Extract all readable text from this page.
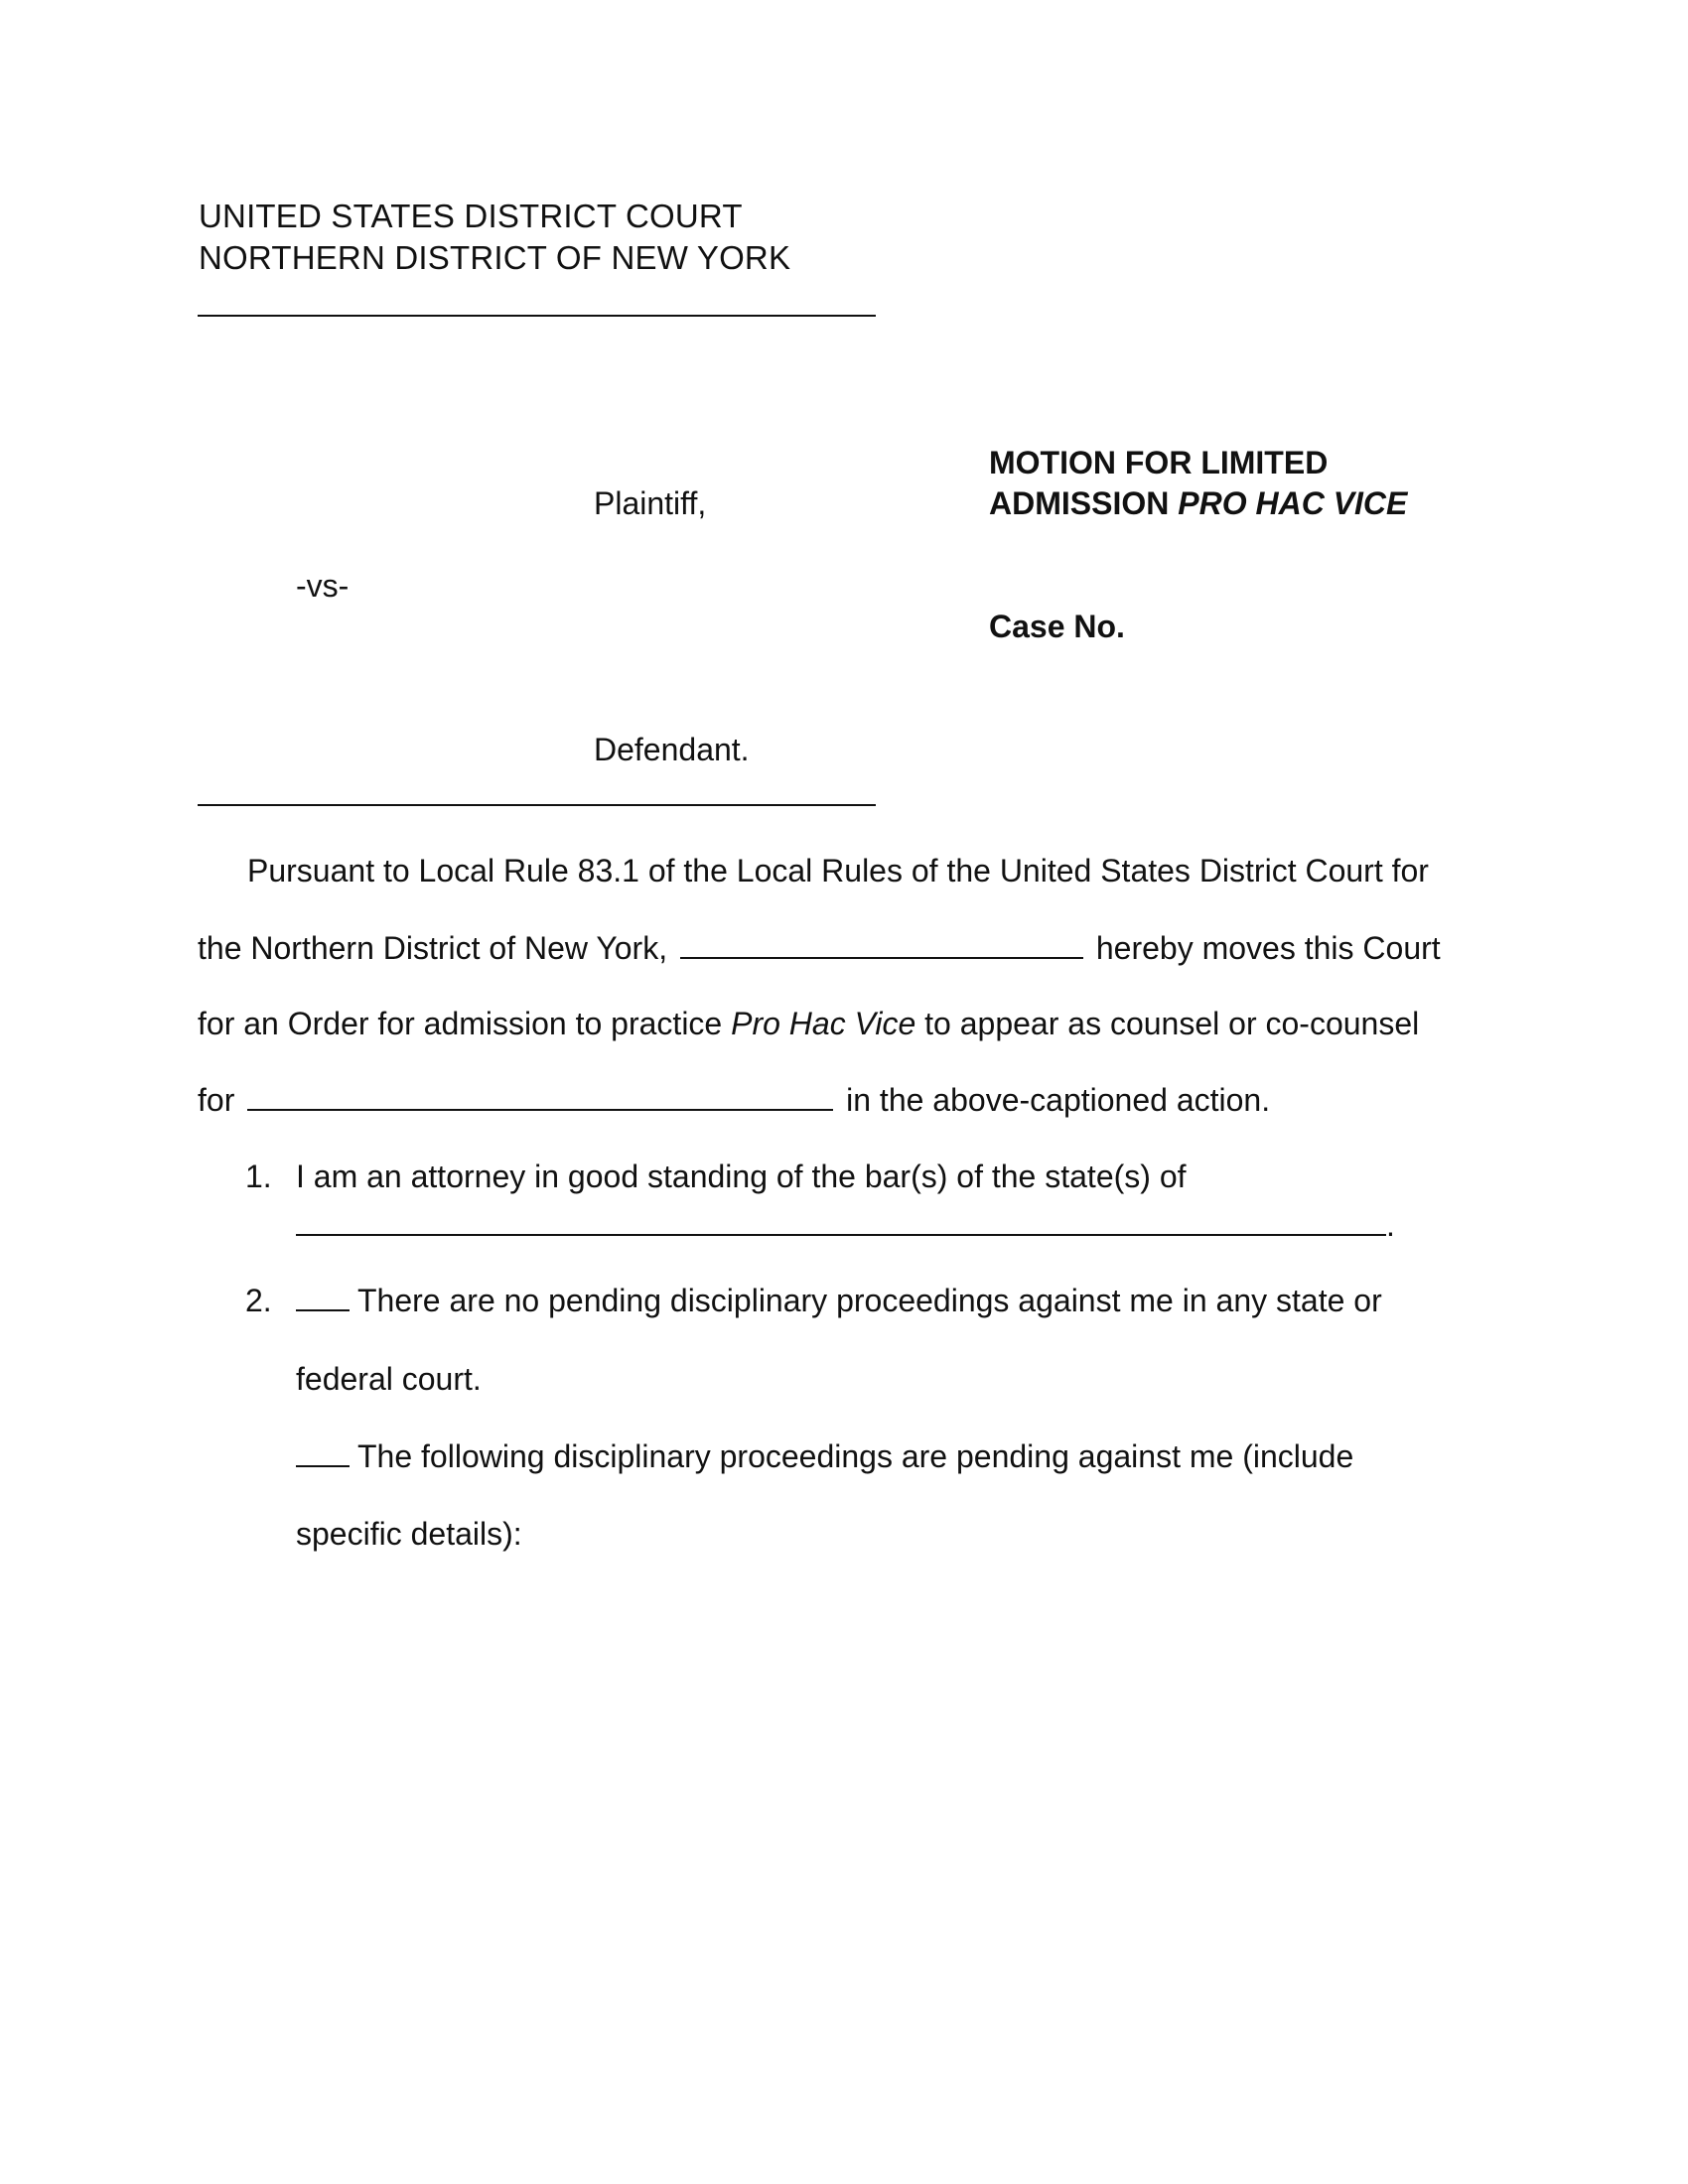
UNITED STATES DISTRICT COURT
NORTHERN DISTRICT OF NEW YORK
Plaintiff,
-vs-
Defendant.
MOTION FOR LIMITED
ADMISSION PRO HAC VICE
Case No.
Pursuant to Local Rule 83.1 of the Local Rules of the United States District Court for
the Northern District of New York,	hereby moves this Court
for an Order for admission to practice Pro Hac Vice to appear as counsel or co-counsel
for	in the above-captioned action.
1. I am an attorney in good standing of the bar(s) of the state(s) of
.
2.	There are no pending disciplinary proceedings against me in any state or
federal court.
The following disciplinary proceedings are pending against me (include
specific details):
